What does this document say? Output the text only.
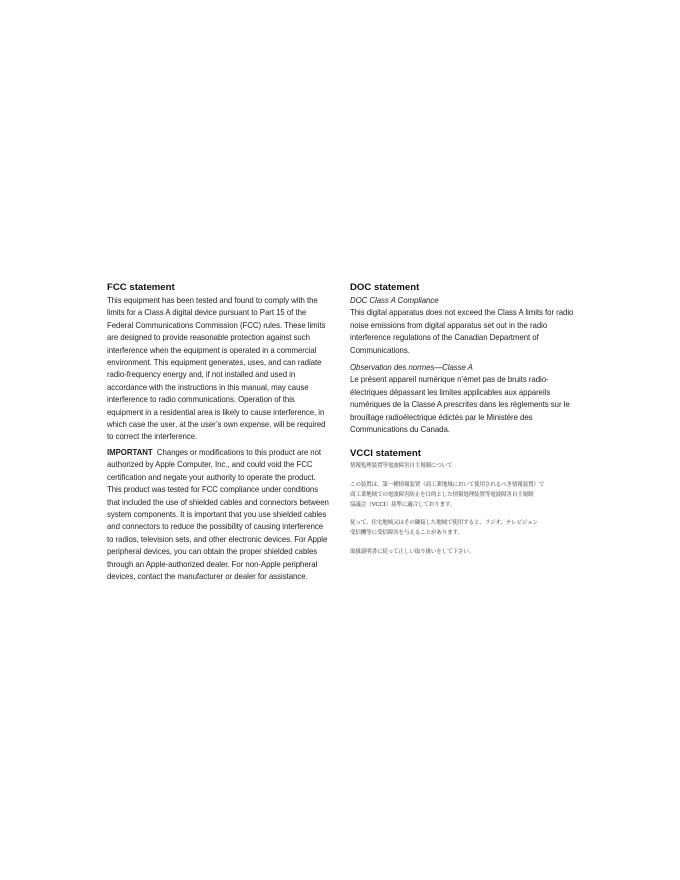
FCC statement

This equipment has been tested and found to comply with the limits for a Class A digital device pursuant to Part 15 of the Federal Communications Commission (FCC) rules. These limits are designed to provide reasonable protection against such interference when the equipment is operated in a commercial environment. This equipment generates, uses, and can radiate radio-frequency energy and, if not installed and used in accordance with the instructions in this manual, may cause interference to radio communications. Operation of this equipment in a residential area is likely to cause interference, in which case the user, at the user’s own expense, will be required to correct the interference.

IMPORTANT Changes or modifications to this product are not authorized by Apple Computer, Inc., and could void the FCC certification and negate your authority to operate the product. This product was tested for FCC compliance under conditions that included the use of shielded cables and connectors between system components. It is important that you use shielded cables and connectors to reduce the possibility of causing interference to radios, television sets, and other electronic devices. For Apple peripheral devices, you can obtain the proper shielded cables through an Apple-authorized dealer. For non-Apple peripheral devices, contact the manufacturer or dealer for assistance.

DOC statement

DOC Class A Compliance

This digital apparatus does not exceed the Class A limits for radio noise emissions from digital apparatus set out in the radio interference regulations of the Canadian Department of Communications.

Observation des normes—Classe A

Le présent appareil numérique n’émet pas de bruits radio-électriques dépassant les limites applicables aux appareils numériques de la Classe A prescrites dans les règlements sur le brouillage radioélectrique édictés par le Ministère des Communications du Canada.

VCCI statement

情報処理装置等電波障害自主規制について

この装置は、第一種情報装置（商工業地域において使用されるべき情報装置）で

商工業地域での電波障害防止を目的とした情報処理装置等電波障害自主規制

協議会（VCCI）基準に適合しております。

従って、住宅地域又はその隣接した地域で使用すると、ラジオ、テレビジョン

受信機等に受信障害を与えることがあります。

取扱説明書に従って正しい取り扱いをして下さい。
